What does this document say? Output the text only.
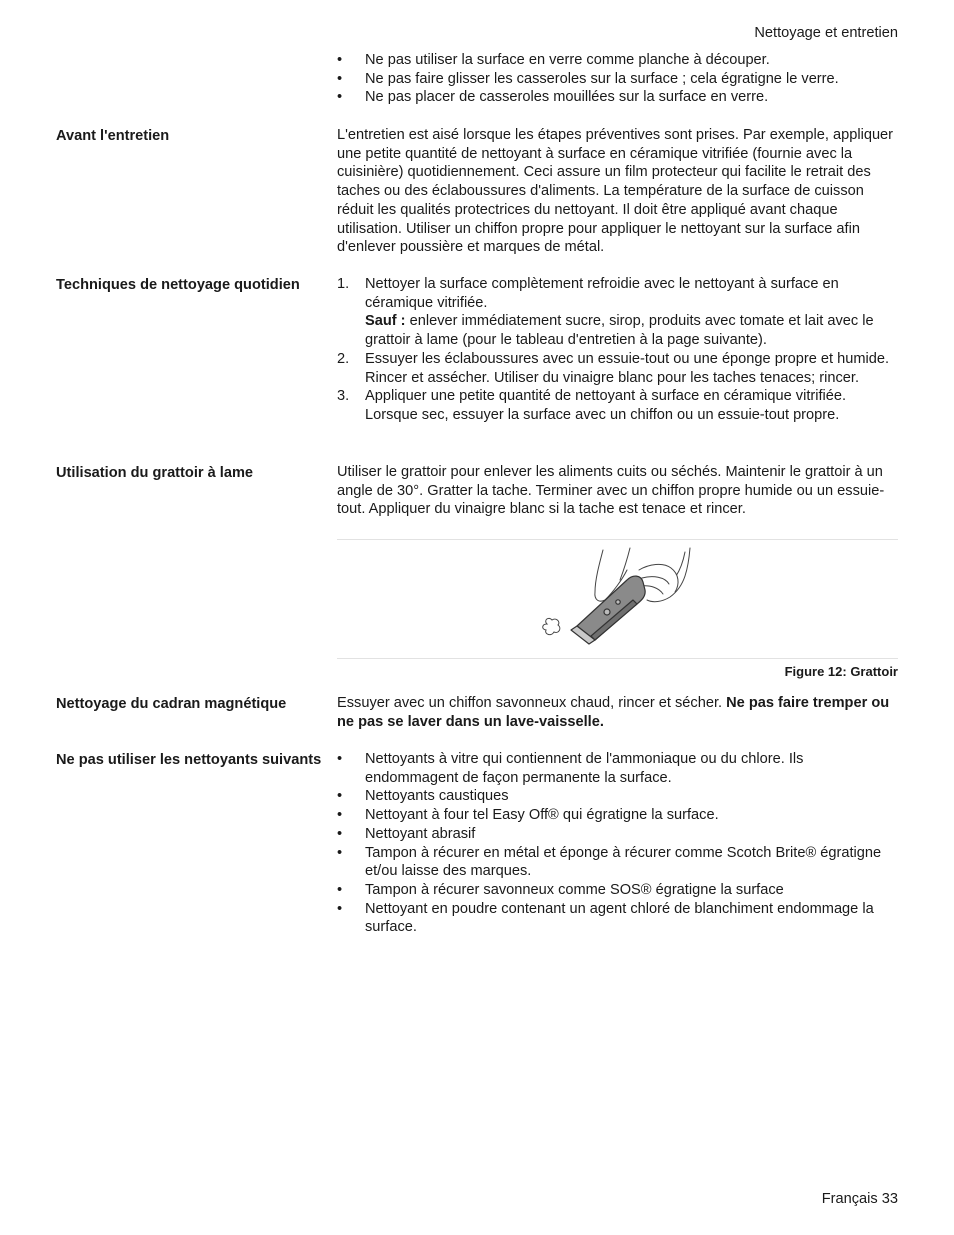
Nettoyage et entretien
• Ne pas utiliser la surface en verre comme planche à découper.
• Ne pas faire glisser les casseroles sur la surface ; cela égratigne le verre.
• Ne pas placer de casseroles mouillées sur la surface en verre.
Avant l'entretien	L'entretien est aisé lorsque les étapes préventives sont prises. Par exemple, appliquer une petite quantité de nettoyant à surface en céramique vitrifiée (fournie avec la cuisinière) quotidiennement. Ceci assure un film protecteur qui facilite le retrait des taches ou des éclaboussures d'aliments. La température de la surface de cuisson réduit les qualités protectrices du nettoyant. Il doit être appliqué avant chaque utilisation. Utiliser un chiffon propre pour appliquer le nettoyant sur la surface afin d'enlever poussière et marques de métal.

Techniques de nettoyage quotidien	1. Nettoyer la surface complètement refroidie avec le nettoyant à surface en céramique vitrifiée.
Sauf : enlever immédiatement sucre, sirop, produits avec tomate et lait avec le grattoir à lame (pour le tableau d'entretien à la page suivante).
2. Essuyer les éclaboussures avec un essuie-tout ou une éponge propre et humide. Rincer et assécher. Utiliser du vinaigre blanc pour les taches tenaces; rincer.
3. Appliquer une petite quantité de nettoyant à surface en céramique vitrifiée. Lorsque sec, essuyer la surface avec un chiffon ou un essuie-tout propre.
Utilisation du grattoir à lame	Utiliser le grattoir pour enlever les aliments cuits ou séchés. Maintenir le grattoir à un angle de 30°. Gratter la tache. Terminer avec un chiffon propre humide ou un essuie-tout. Appliquer du vinaigre blanc si la tache est tenace et rincer.

Figure 12: Grattoir
Nettoyage du cadran magnétique	Essuyer avec un chiffon savonneux chaud, rincer et sécher. Ne pas faire tremper ou ne pas se laver dans un lave-vaisselle.

Ne pas utiliser les nettoyants suivants
•	Nettoyants à vitre qui contiennent de l'ammoniaque ou du chlore. Ils endommagent de façon permanente la surface.
• Nettoyants caustiques
• Nettoyant à four tel Easy Off® qui égratigne la surface.
• Nettoyant abrasif
• Tampon à récurer en métal et éponge à récurer comme Scotch Brite® égratigne et/ou laisse des marques.
• Tampon à récurer savonneux comme SOS® égratigne la surface
• Nettoyant en poudre contenant un agent chloré de blanchiment endommage la surface.
Français 33
